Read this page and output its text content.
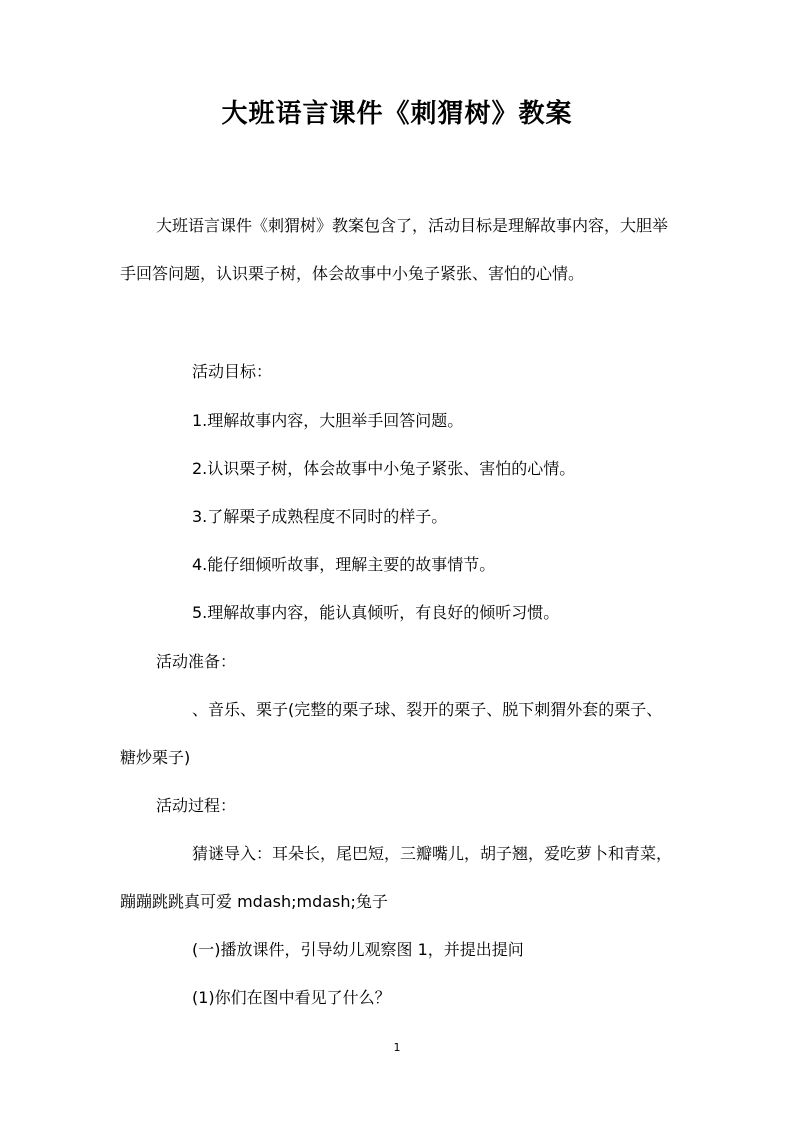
大班语言课件《刺猬树》教案

大班语言课件《刺猬树》教案包含了，活动目标是理解故事内容，大胆举手回答问题，认识栗子树，体会故事中小兔子紧张、害怕的心情。

活动目标：

1.理解故事内容，大胆举手回答问题。

2.认识栗子树，体会故事中小兔子紧张、害怕的心情。

3.了解栗子成熟程度不同时的样子。

4.能仔细倾听故事，理解主要的故事情节。

5.理解故事内容，能认真倾听，有良好的倾听习惯。

活动准备：

、音乐、栗子(完整的栗子球、裂开的栗子、脱下刺猬外套的栗子、糖炒栗子)

活动过程：

猜谜导入：耳朵长，尾巴短，三瓣嘴儿，胡子翘，爱吃萝卜和青菜，蹦蹦跳跳真可爱 mdash;mdash;兔子

(一)播放课件，引导幼儿观察图 1，并提出提问

(1)你们在图中看见了什么？

1
